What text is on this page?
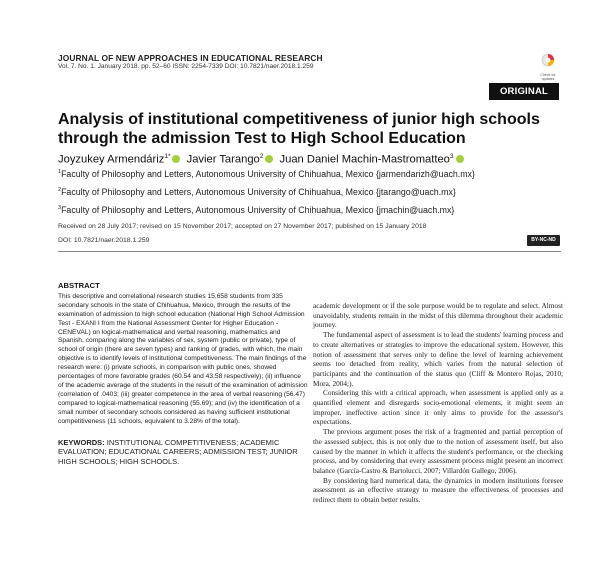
JOURNAL OF NEW APPROACHES IN EDUCATIONAL RESEARCH
Vol. 7. No. 1. January 2018. pp. 52–60 ISSN: 2254-7339 DOI: 10.7821/naer.2018.1.259
Check for updates
ORIGINAL
Analysis of institutional competitiveness of junior high schools through the admission Test to High School Education
Joyzukey Armendáriz$^{1*}$ Javier Tarango$^2$ Juan Daniel Machin-Mastromatteo$^3$
$^1$Faculty of Philosophy and Letters, Autonomous University of Chihuahua, Mexico {jarmendarizh@uach.mx}
$^2$Faculty of Philosophy and Letters, Autonomous University of Chihuahua, Mexico {jtarango@uach.mx}
$^3$Faculty of Philosophy and Letters, Autonomous University of Chihuahua, Mexico {jmachin@uach.mx}
Received on 28 July 2017; revised on 15 November 2017; accepted on 27 November 2017; published on 15 January 2018
DOI: 10.7821/naer.2018.1.259	BY-NC-ND
ABSTRACT
This descriptive and correlational research studies 15,658 students from 335 secondary schools in the state of Chihuahua, Mexico, through the results of the examination of admission to high school education (National High School Admission Test - EXANI I from the National Assessment Center for Higher Education - CENEVAL) on logical-mathematical and verbal reasoning, mathematics and Spanish, comparing along the variables of sex, system (public or private), type of school of origin (there are seven types) and ranking of grades, with which, the main objective is to identify levels of institutional competitiveness. The main findings of the research were: (i) private schools, in comparison with public ones, showed percentages of more favorable grades (60.54 and 43.58 respectively); (ii) influence of the academic average of the students in the result of the examination of admission (correlation of .0403; (iii) greater competence in the area of verbal reasoning (56.47) compared to logical-mathematical reasoning (55.69); and (iv) the identification of a small number of secondary schools considered as having sufficient institutional competitiveness (11 schools, equivalent to 3.28% of the total).
KEYWORDS: INSTITUTIONAL COMPETITIVENESS; ACADEMIC EVALUATION; EDUCATIONAL CAREERS; ADMISSION TEST; JUNIOR HIGH SCHOOLS; HIGH SCHOOLS.

academic development or if the sole purpose would be to regulate and select. Almost unavoidably, students remain in the midst of this dilemma throughout their academic journey.

The fundamental aspect of assessment is to lead the students' learning process and to create alternatives or strategies to improve the educational system. However, this notion of assessment that serves only to define the level of learning achievement seems too detached from reality, which varies from the natural selection of participants and the continuation of the status quo (Cliff & Montero Rojas, 2010; Mora, 2004;).

Considering this with a critical approach, when assessment is applied only as a quantified element and disregards socio-emotional elements, it might seem an improper, ineffective action since it only aims to provide for the assessor's expectations.

The previous argument poses the risk of a fragmented and partial perception of the assessed subject, this is not only due to the notion of assessment itself, but also caused by the manner in which it affects the student's performance, or the checking process, and by considering that every assessment process might present an incorrect balance (García-Castro & Bartolucci, 2007; Villardón Gallego, 2006).

By considering hard numerical data, the dynamics in modern institutions foresee assessment as an effective strategy to measure the effectiveness of processes and redirect them to obtain better results.
